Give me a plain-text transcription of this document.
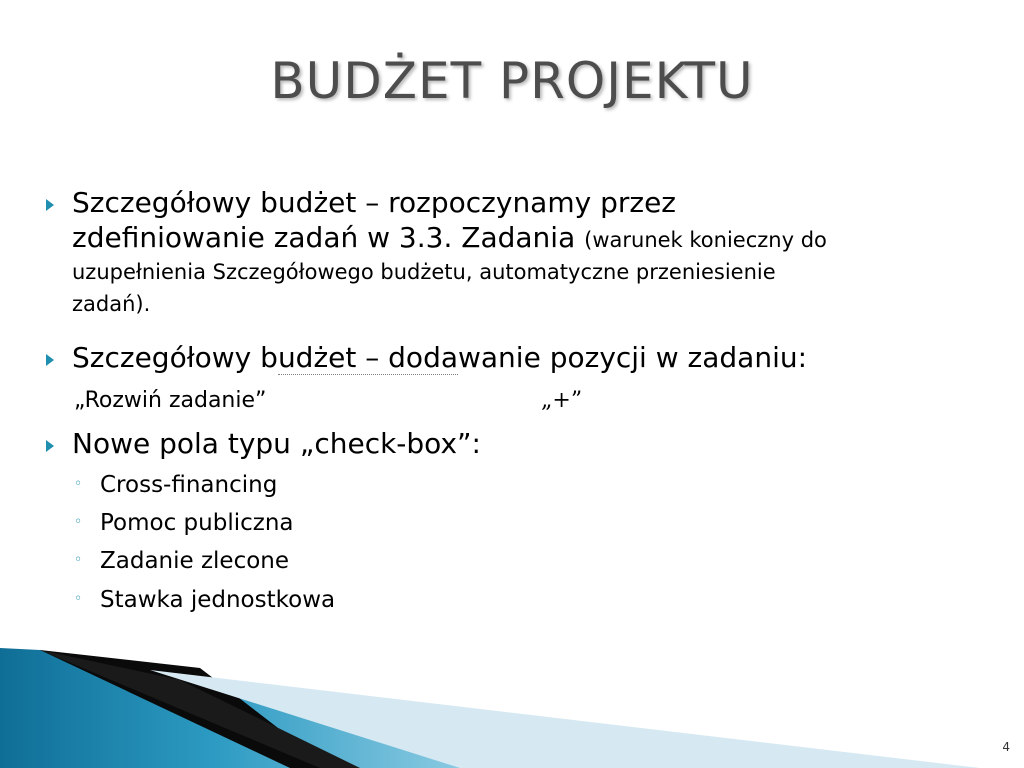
BUDŻET PROJEKTU
Szczegółowy budżet – rozpoczynamy przez
zdefiniowanie zadań w 3.3. Zadania (warunek konieczny do
uzupełnienia Szczegółowego budżetu, automatyczne przeniesienie
zadań).
Szczegółowy budżet – dodawanie pozycji w zadaniu:
„Rozwiń zadanie”	„+”
Nowe pola typu „check-box”:
◦ Cross-financing
◦ Pomoc publiczna
◦ Zadanie zlecone
◦ Stawka jednostkowa
4
